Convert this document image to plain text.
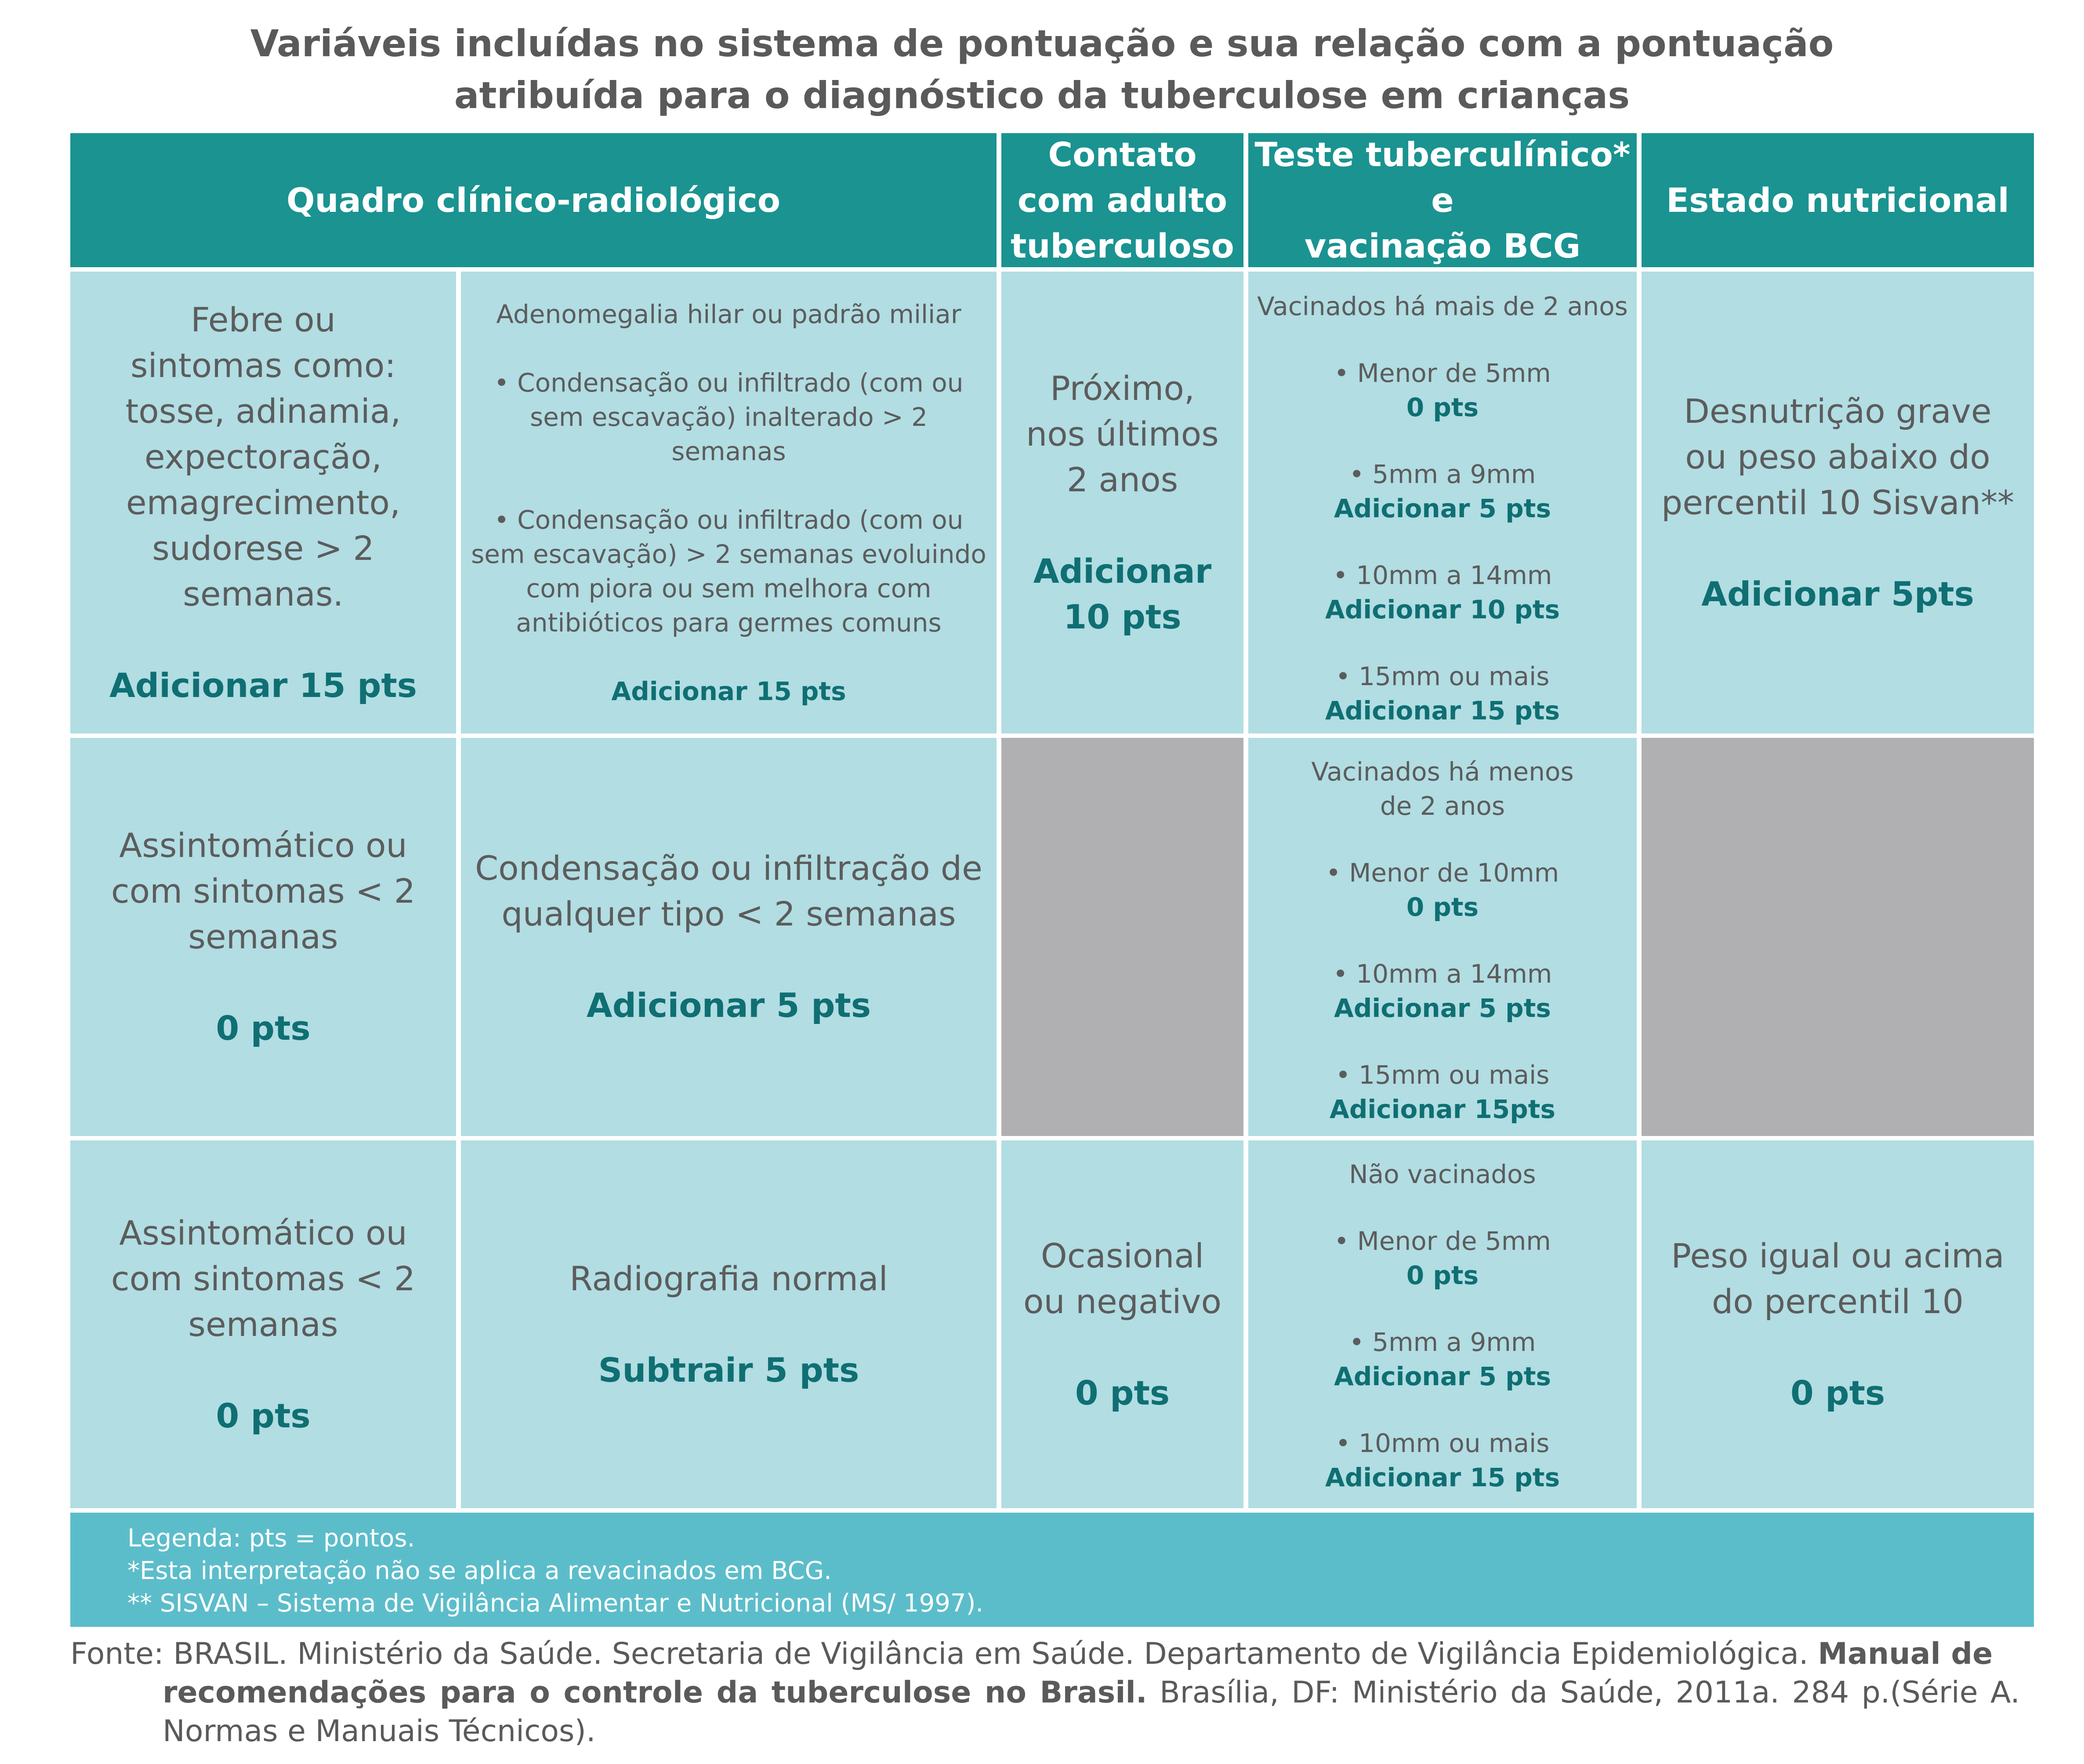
Variáveis incluídas no sistema de pontuação e sua relação com a pontuação
atribuída para o diagnóstico da tuberculose em crianças
Quadro clínico-radiológico
Contato
com adulto
tuberculoso
Teste tuberculínico* e
vacinação BCG
Estado nutricional
Febre ou
sintomas como:
tosse, adinamia,
expectoração,
emagrecimento,
sudorese > 2
semanas.
Adicionar 15 pts
Adenomegalia hilar ou padrão miliar
• Condensação ou infiltrado (com ou
sem escavação) inalterado > 2 semanas
• Condensação ou infiltrado (com ou
sem escavação) > 2 semanas evoluindo
com piora ou sem melhora com
antibióticos para germes comuns
Adicionar 15 pts
Próximo,
nos últimos
2 anos
Adicionar
10 pts
Vacinados há mais de 2 anos
• Menor de 5mm
0 pts
• 5mm a 9mm
Adicionar 5 pts
• 10mm a 14mm
Adicionar 10 pts
• 15mm ou mais
Adicionar 15 pts
Desnutrição grave
ou peso abaixo do
percentil 10 Sisvan**
Adicionar 5pts
Assintomático ou
com sintomas < 2
semanas
0 pts
Condensação ou infiltração de
qualquer tipo < 2 semanas
Adicionar 5 pts
Vacinados há menos
de 2 anos
• Menor de 10mm
0 pts
• 10mm a 14mm
Adicionar 5 pts
• 15mm ou mais
Adicionar 15pts
Assintomático ou
com sintomas < 2
semanas
0 pts
Radiografia normal
Subtrair 5 pts
Ocasional
ou negativo
0 pts
Não vacinados
• Menor de 5mm
0 pts
• 5mm a 9mm
Adicionar 5 pts
• 10mm ou mais
Adicionar 15 pts
Peso igual ou acima
do percentil 10
0 pts
Legenda: pts = pontos.
*Esta interpretação não se aplica a revacinados em BCG.
** SISVAN – Sistema de Vigilância Alimentar e Nutricional (MS/ 1997).
Fonte: BRASIL. Ministério da Saúde. Secretaria de Vigilância em Saúde. Departamento de Vigilância Epidemiológica. Manual de
recomendações para o controle da tuberculose no Brasil. Brasília, DF: Ministério da Saúde, 2011a. 284 p.(Série A. Normas e Manuais Técnicos).
